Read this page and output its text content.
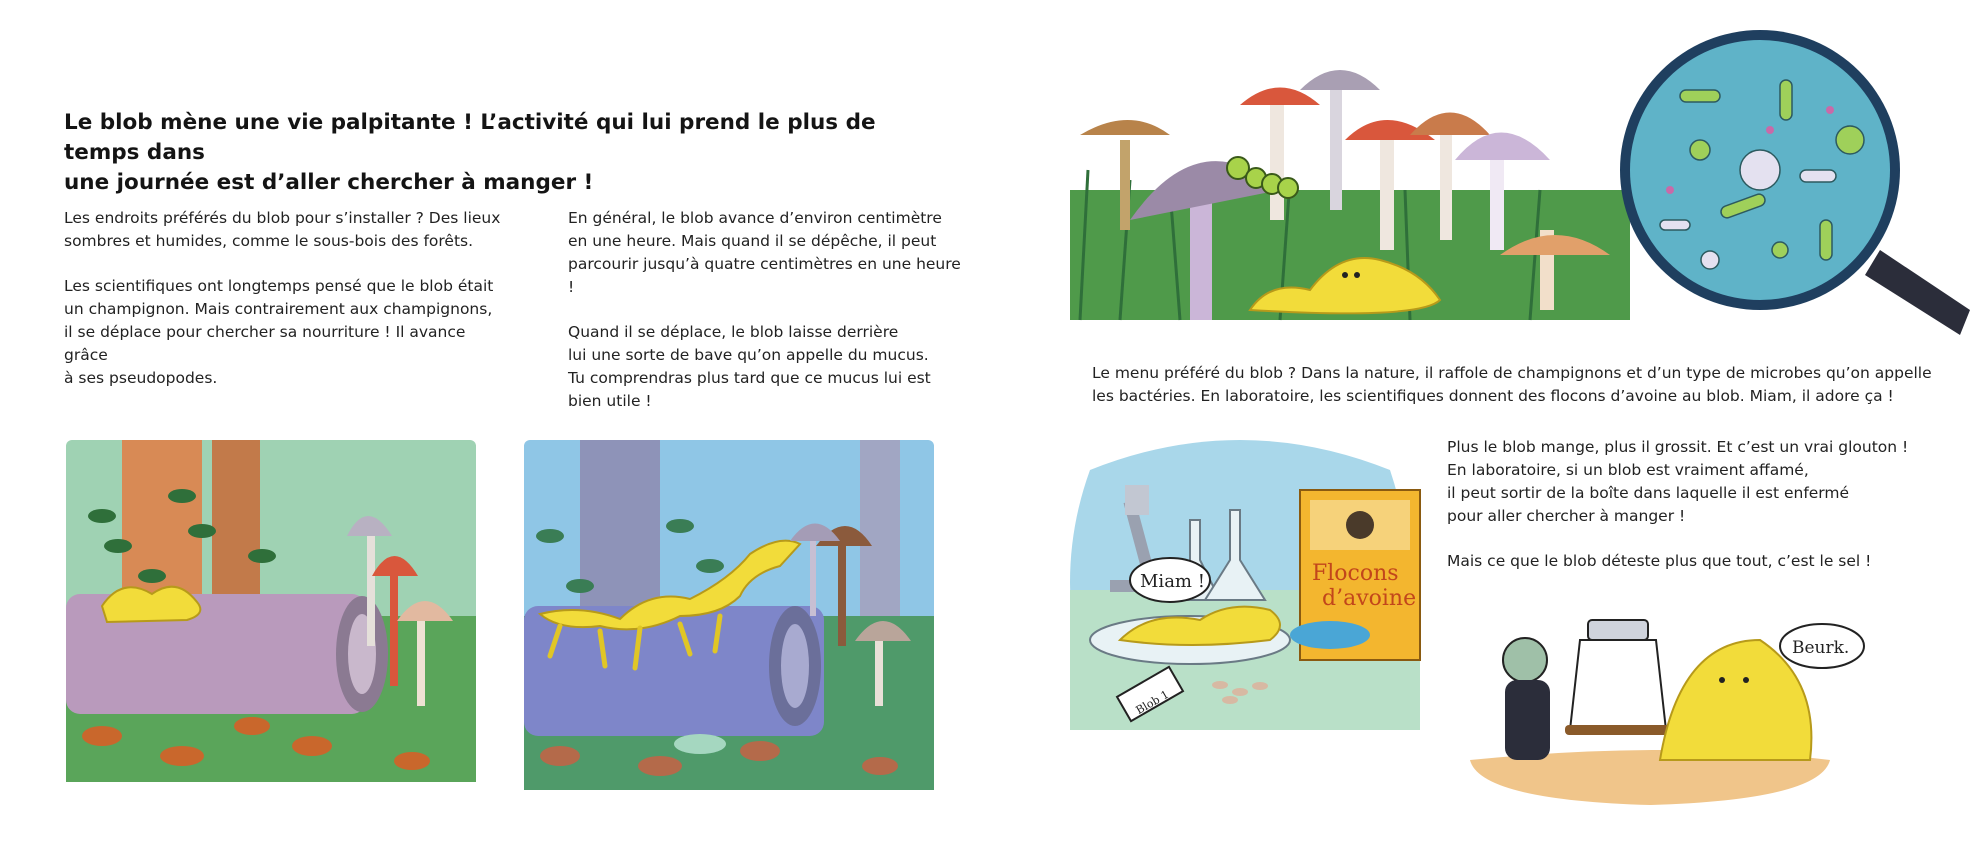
Le blob mène une vie palpitante ! L’activité qui lui prend le plus de temps dans
une journée est d’aller chercher à manger !

Les endroits préférés du blob pour s’installer ? Des lieux
sombres et humides, comme le sous-bois des forêts.

Les scientifiques ont longtemps pensé que le blob était
un champignon. Mais contrairement aux champignons,
il se déplace pour chercher sa nourriture ! Il avance grâce
à ses pseudopodes.

En général, le blob avance d’environ centimètre
en une heure. Mais quand il se dépêche, il peut
parcourir jusqu’à quatre centimètres en une heure !

Quand il se déplace, le blob laisse derrière
lui une sorte de bave qu’on appelle du mucus.
Tu comprendras plus tard que ce mucus lui est
bien utile !

Le menu préféré du blob ? Dans la nature, il raffole de champignons et d’un type de microbes qu’on appelle
les bactéries. En laboratoire, les scientifiques donnent des flocons d’avoine au blob. Miam, il adore ça !
Flocons
d’avoine
Miam !
Blob 1

Plus le blob mange, plus il grossit. Et c’est un vrai glouton !
En laboratoire, si un blob est vraiment affamé,
il peut sortir de la boîte dans laquelle il est enfermé
pour aller chercher à manger !

Mais ce que le blob déteste plus que tout, c’est le sel !

Beurk.
